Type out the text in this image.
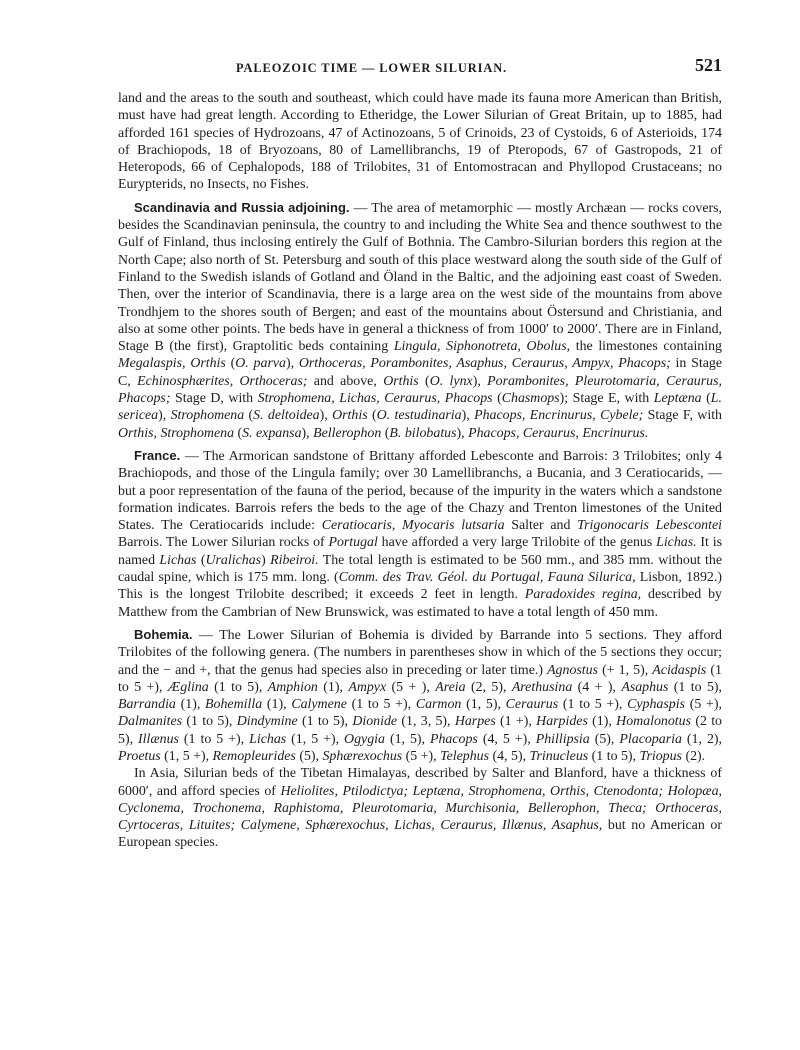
PALEOZOIC TIME — LOWER SILURIAN.	521

land and the areas to the south and southeast, which could have made its fauna more American than British, must have had great length. According to Etheridge, the Lower Silurian of Great Britain, up to 1885, had afforded 161 species of Hydrozoans, 47 of Actinozoans, 5 of Crinoids, 23 of Cystoids, 6 of Asterioids, 174 of Brachiopods, 18 of Bryozoans, 80 of Lamellibranchs, 19 of Pteropods, 67 of Gastropods, 21 of Heteropods, 66 of Cephalopods, 188 of Trilobites, 31 of Entomostracan and Phyllopod Crustaceans; no Eurypterids, no Insects, no Fishes.

Scandinavia and Russia adjoining. — The area of metamorphic — mostly Archæan — rocks covers, besides the Scandinavian peninsula, the country to and including the White Sea and thence southwest to the Gulf of Finland, thus inclosing entirely the Gulf of Bothnia. The Cambro-Silurian borders this region at the North Cape; also north of St. Petersburg and south of this place westward along the south side of the Gulf of Finland to the Swedish islands of Gotland and Öland in the Baltic, and the adjoining east coast of Sweden. Then, over the interior of Scandinavia, there is a large area on the west side of the mountains from above Trondhjem to the shores south of Bergen; and east of the mountains about Östersund and Christiania, and also at some other points. The beds have in general a thickness of from 1000′ to 2000′. There are in Finland, Stage B (the first), Graptolitic beds containing Lingula, Siphonotreta, Obolus, the limestones containing Megalaspis, Orthis (O. parva), Orthoceras, Porambonites, Asaphus, Ceraurus, Ampyx, Phacops; in Stage C, Echinosphærites, Orthoceras; and above, Orthis (O. lynx), Porambonites, Pleurotomaria, Ceraurus, Phacops; Stage D, with Strophomena, Lichas, Ceraurus, Phacops (Chasmops); Stage E, with Leptæna (L. sericea), Strophomena (S. deltoidea), Orthis (O. testudinaria), Phacops, Encrinurus, Cybele; Stage F, with Orthis, Strophomena (S. expansa), Bellerophon (B. bilobatus), Phacops, Ceraurus, Encrinurus.

France. — The Armorican sandstone of Brittany afforded Lebesconte and Barrois: 3 Trilobites; only 4 Brachiopods, and those of the Lingula family; over 30 Lamellibranchs, a Bucania, and 3 Ceratiocarids, — but a poor representation of the fauna of the period, because of the impurity in the waters which a sandstone formation indicates. Barrois refers the beds to the age of the Chazy and Trenton limestones of the United States. The Ceratiocarids include: Ceratiocaris, Myocaris lutsaria Salter and Trigonocaris Lebescontei Barrois. The Lower Silurian rocks of Portugal have afforded a very large Trilobite of the genus Lichas. It is named Lichas (Uralichas) Ribeiroi. The total length is estimated to be 560 mm., and 385 mm. without the caudal spine, which is 175 mm. long. (Comm. des Trav. Géol. du Portugal, Fauna Silurica, Lisbon, 1892.) This is the longest Trilobite described; it exceeds 2 feet in length. Paradoxides regina, described by Matthew from the Cambrian of New Brunswick, was estimated to have a total length of 450 mm.

Bohemia. — The Lower Silurian of Bohemia is divided by Barrande into 5 sections. They afford Trilobites of the following genera. (The numbers in parentheses show in which of the 5 sections they occur; and the − and +, that the genus had species also in preceding or later time.) Agnostus (+ 1, 5), Acidaspis (1 to 5 +), Æglina (1 to 5), Amphion (1), Ampyx (5 + ), Areia (2, 5), Arethusina (4 + ), Asaphus (1 to 5), Barrandia (1), Bohemilla (1), Calymene (1 to 5 +), Carmon (1, 5), Ceraurus (1 to 5 +), Cyphaspis (5 +), Dalmanites (1 to 5), Dindymine (1 to 5), Dionide (1, 3, 5), Harpes (1 +), Harpides (1), Homalonotus (2 to 5), Illænus (1 to 5 +), Lichas (1, 5 +), Ogygia (1, 5), Phacops (4, 5 +), Phillipsia (5), Placoparia (1, 2), Proetus (1, 5 +), Remopleurides (5), Sphærexochus (5 +), Telephus (4, 5), Trinucleus (1 to 5), Triopus (2).

In Asia, Silurian beds of the Tibetan Himalayas, described by Salter and Blanford, have a thickness of 6000′, and afford species of Heliolites, Ptilodictya; Leptæna, Strophomena, Orthis, Ctenodonta; Holopæa, Cyclonema, Trochonema, Raphistoma, Pleurotomaria, Murchisonia, Bellerophon, Theca; Orthoceras, Cyrtoceras, Lituites; Calymene, Sphærexochus, Lichas, Ceraurus, Illænus, Asaphus, but no American or European species.
